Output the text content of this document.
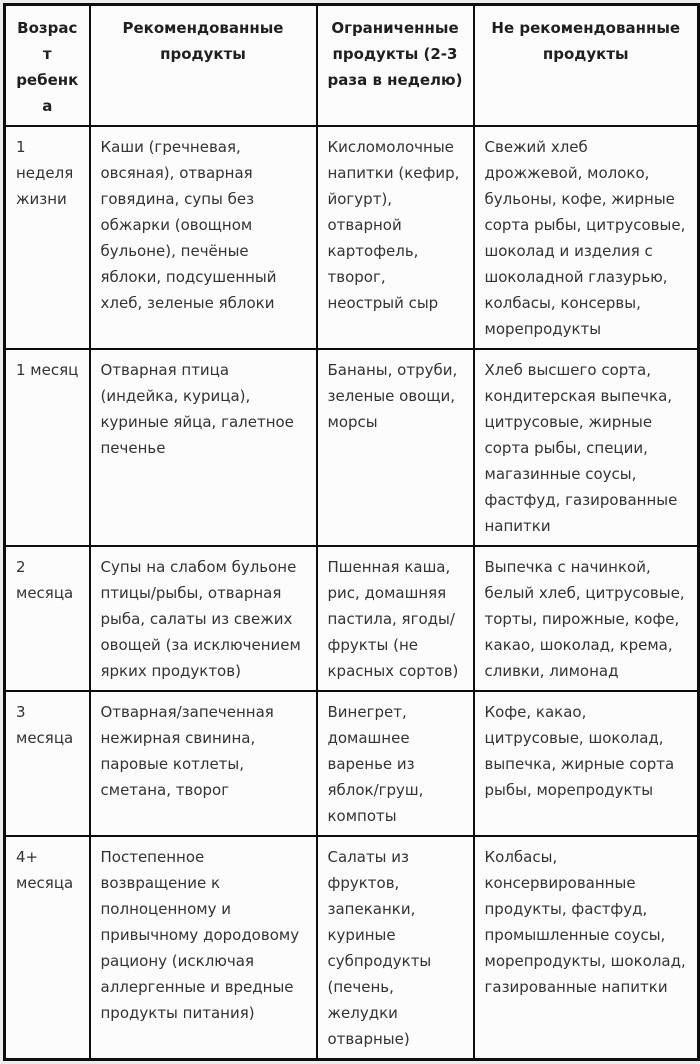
Возраст ребенка	Рекомендованные продукты	Ограниченные продукты (2-3 раза в неделю)	Не рекомендованные продукты
1 неделя жизни	Каши (гречневая, овсяная), отварная говядина, супы без обжарки (овощном бульоне), печёные яблоки, подсушенный хлеб, зеленые яблоки	Кисломолочные напитки (кефир, йогурт), отварной картофель, творог, неострый сыр	Свежий хлеб дрожжевой, молоко, бульоны, кофе, жирные сорта рыбы, цитрусовые, шоколад и изделия с шоколадной глазурью, колбасы, консервы, морепродукты
1 месяц	Отварная птица (индейка, курица), куриные яйца, галетное печенье	Бананы, отруби, зеленые овощи, морсы	Хлеб высшего сорта, кондитерская выпечка, цитрусовые, жирные сорта рыбы, специи, магазинные соусы, фастфуд, газированные напитки
2 месяца	Супы на слабом бульоне птицы/рыбы, отварная рыба, салаты из свежих овощей (за исключением ярких продуктов)	Пшенная каша, рис, домашняя пастила, ягоды/фрукты (не красных сортов)	Выпечка с начинкой, белый хлеб, цитрусовые, торты, пирожные, кофе, какао, шоколад, крема, сливки, лимонад
3 месяца	Отварная/запеченная нежирная свинина, паровые котлеты, сметана, творог	Винегрет, домашнее варенье из яблок/груш, компоты	Кофе, какао, цитрусовые, шоколад, выпечка, жирные сорта рыбы, морепродукты
4+ месяца	Постепенное возвращение к полноценному и привычному дородовому рациону (исключая аллергенные и вредные продукты питания)	Салаты из фруктов, запеканки, куриные субпродукты (печень, желудки отварные)	Колбасы, консервированные продукты, фастфуд, промышленные соусы, морепродукты, шоколад, газированные напитки
